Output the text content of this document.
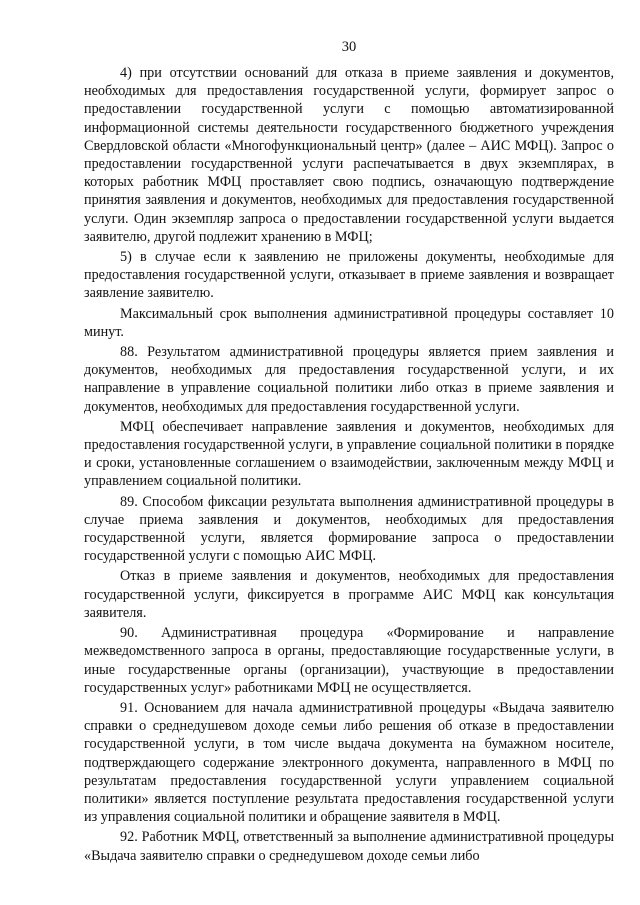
30

4) при отсутствии оснований для отказа в приеме заявления и документов, необходимых для предоставления государственной услуги, формирует запрос о предоставлении государственной услуги с помощью автоматизированной информационной системы деятельности государственного бюджетного учреждения Свердловской области «Многофункциональный центр» (далее – АИС МФЦ). Запрос о предоставлении государственной услуги распечатывается в двух экземплярах, в которых работник МФЦ проставляет свою подпись, означающую подтверждение принятия заявления и документов, необходимых для предоставления государственной услуги. Один экземпляр запроса о предоставлении государственной услуги выдается заявителю, другой подлежит хранению в МФЦ;

5) в случае если к заявлению не приложены документы, необходимые для предоставления государственной услуги, отказывает в приеме заявления и возвращает заявление заявителю.

Максимальный срок выполнения административной процедуры составляет 10 минут.

88. Результатом административной процедуры является прием заявления и документов, необходимых для предоставления государственной услуги, и их направление в управление социальной политики либо отказ в приеме заявления и документов, необходимых для предоставления государственной услуги.

МФЦ обеспечивает направление заявления и документов, необходимых для предоставления государственной услуги, в управление социальной политики в порядке и сроки, установленные соглашением о взаимодействии, заключенным между МФЦ и управлением социальной политики.

89. Способом фиксации результата выполнения административной процедуры в случае приема заявления и документов, необходимых для предоставления государственной услуги, является формирование запроса о предоставлении государственной услуги с помощью АИС МФЦ.

Отказ в приеме заявления и документов, необходимых для предоставления государственной услуги, фиксируется в программе АИС МФЦ как консультация заявителя.

90. Административная процедура «Формирование и направление межведомственного запроса в органы, предоставляющие государственные услуги, в иные государственные органы (организации), участвующие в предоставлении государственных услуг» работниками МФЦ не осуществляется.

91. Основанием для начала административной процедуры «Выдача заявителю справки о среднедушевом доходе семьи либо решения об отказе в предоставлении государственной услуги, в том числе выдача документа на бумажном носителе, подтверждающего содержание электронного документа, направленного в МФЦ по результатам предоставления государственной услуги управлением социальной политики» является поступление результата предоставления государственной услуги из управления социальной политики и обращение заявителя в МФЦ.

92. Работник МФЦ, ответственный за выполнение административной процедуры «Выдача заявителю справки о среднедушевом доходе семьи либо
